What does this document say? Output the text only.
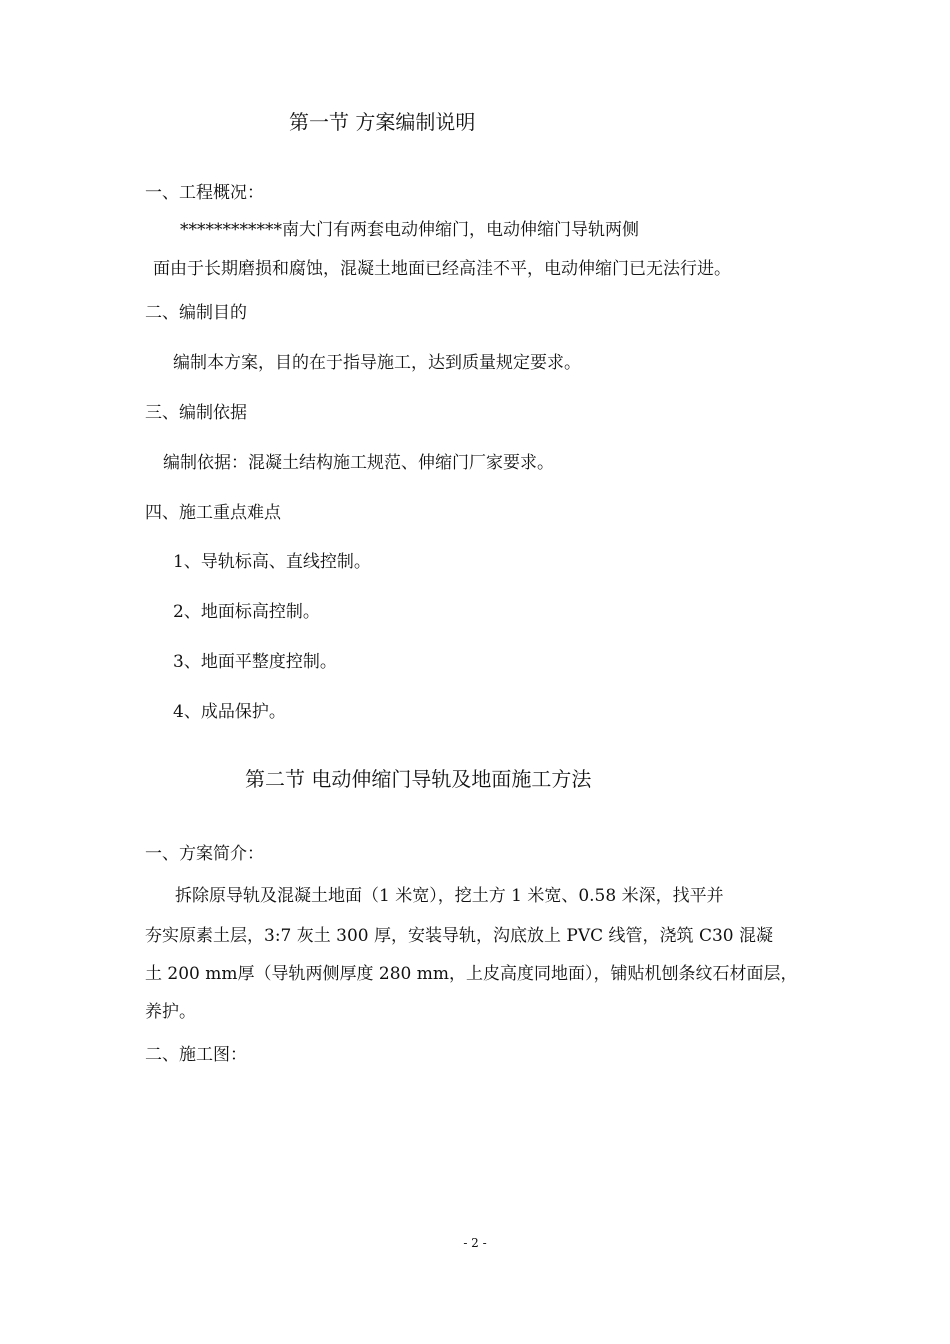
第一节 方案编制说明
一、工程概况：
************南大门有两套电动伸缩门，电动伸缩门导轨两侧
面由于长期磨损和腐蚀，混凝土地面已经高洼不平，电动伸缩门已无法行进。
二、编制目的
编制本方案，目的在于指导施工，达到质量规定要求。
三、编制依据
编制依据：混凝土结构施工规范、伸缩门厂家要求。
四、施工重点难点
1、导轨标高、直线控制。
2、地面标高控制。
3、地面平整度控制。
4、成品保护。
第二节 电动伸缩门导轨及地面施工方法
一、方案简介：
拆除原导轨及混凝土地面（1 米宽），挖土方 1 米宽、0.58 米深，找平并
夯实原素土层，3:7 灰土 300 厚，安装导轨，沟底放上 PVC 线管，浇筑 C30 混凝
土 200 mm厚（导轨两侧厚度 280 mm，上皮高度同地面），铺贴机刨条纹石材面层，
养护。
二、施工图：
- 2 -
